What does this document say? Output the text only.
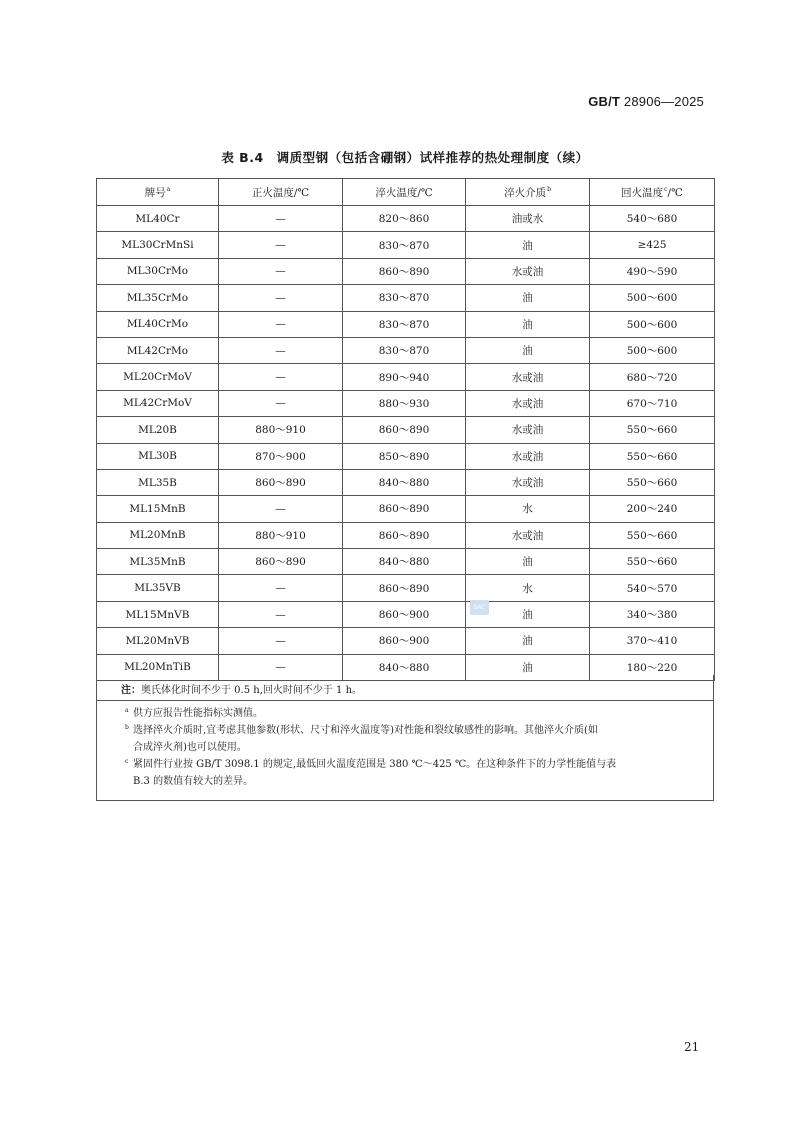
GB/T 28906—2025
表 B.4　调质型钢（包括含硼钢）试样推荐的热处理制度（续）
牌号$^a$	正火温度/℃	淬火温度/℃	淬火介质$^b$	回火温度$^c$/℃
ML40Cr	—	820～860	油或水	540～680
ML30CrMnSi	—	830～870	油	≥425
ML30CrMo	—	860～890	水或油	490～590
ML35CrMo	—	830～870	油	500～600
ML40CrMo	—	830～870	油	500～600
ML42CrMo	—	830～870	油	500～600
ML20CrMoV	—	890～940	水或油	680～720
ML42CrMoV	—	880～930	水或油	670～710
ML20B	880～910	860～890	水或油	550～660
ML30B	870～900	850～890	水或油	550～660
ML35B	860～890	840～880	水或油	550～660
ML15MnB	—	860～890	水	200～240
ML20MnB	880～910	860～890	水或油	550～660
ML35MnB	860～890	840～880	油	550～660
ML35VB	—	860～890	水	540～570
ML15MnVB	—	860～900	油	340～380
ML20MnVB	—	860～900	油	370～410
ML20MnTiB	—	840～880	油	180～220
注：奥氏体化时间不少于 0.5 h,回火时间不少于 1 h。
a 供方应报告性能指标实测值。
b 选择淬火介质时,宜考虑其他参数(形状、尺寸和淬火温度等)对性能和裂纹敏感性的影响。其他淬火介质(如
合成淬火剂)也可以使用。
c 紧固件行业按 GB/T 3098.1 的规定,最低回火温度范围是 380 ℃～425 ℃。在这种条件下的力学性能值与表
B.3 的数值有较大的差异。
SAC
21
